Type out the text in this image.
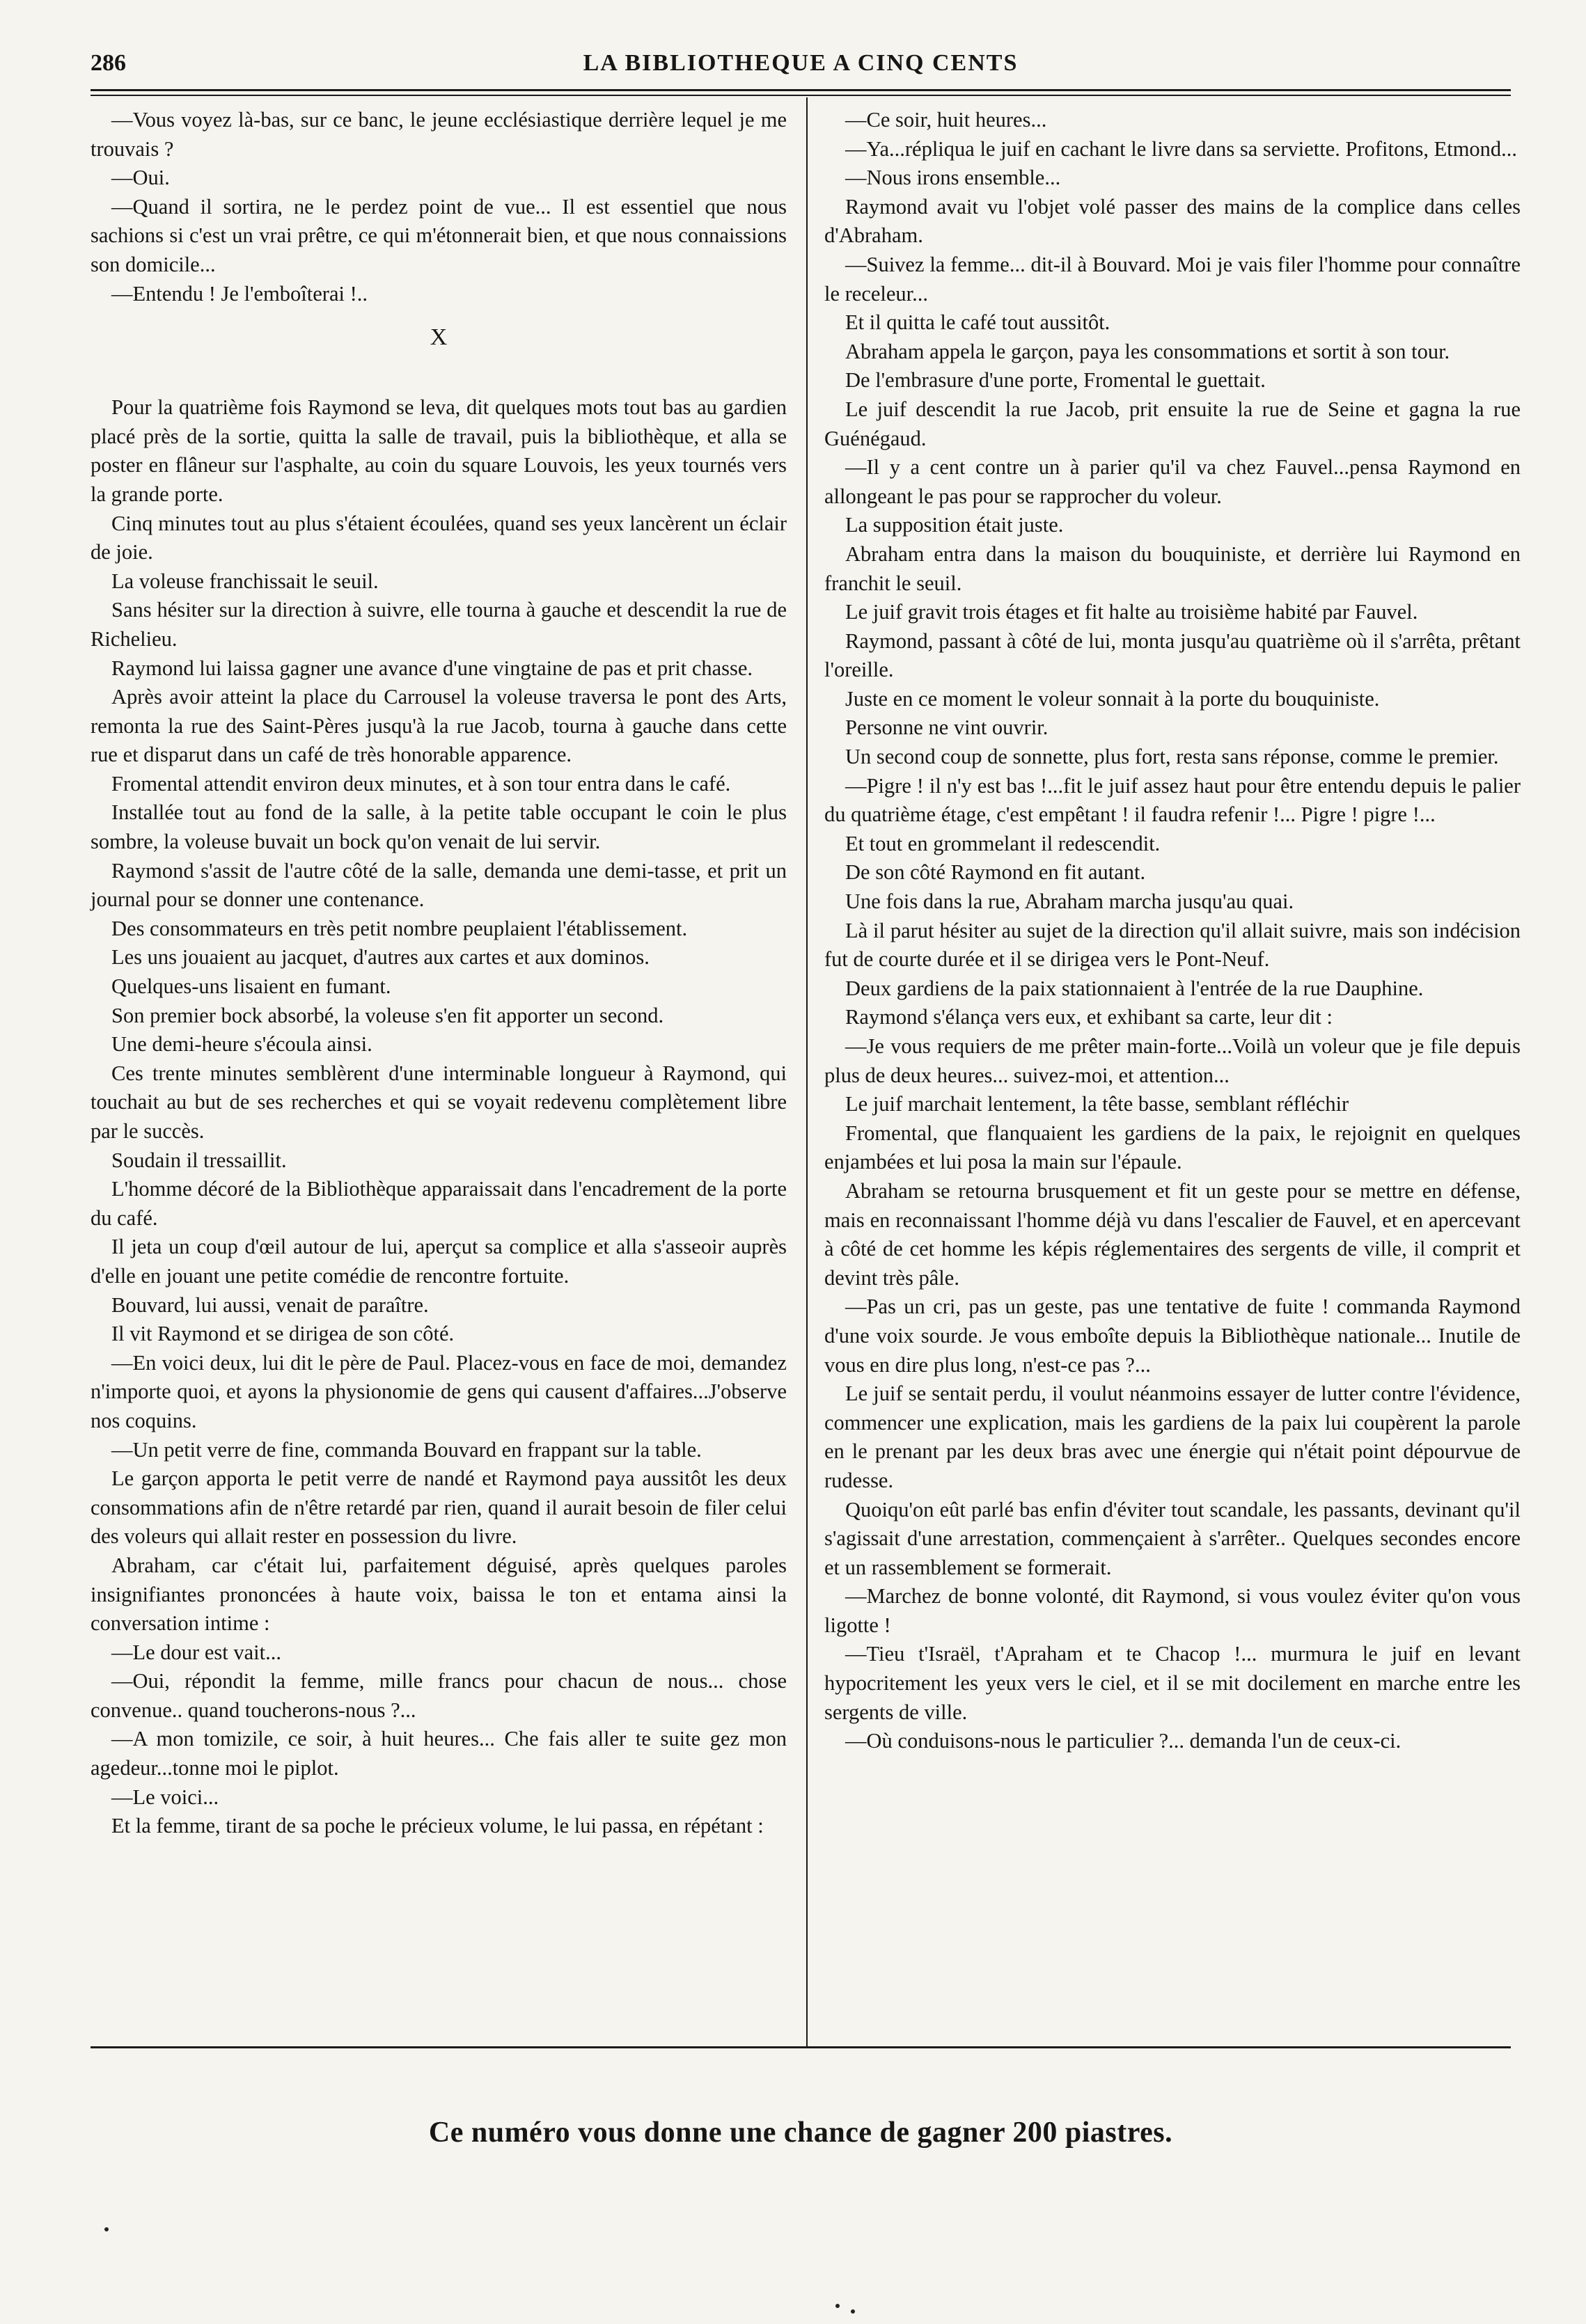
286	LA BIBLIOTHEQUE A CINQ CENTS

—Vous voyez là-bas, sur ce banc, le jeune ecclésiastique derrière lequel je me trouvais ?

—Oui.

—Quand il sortira, ne le perdez point de vue... Il est essentiel que nous sachions si c'est un vrai prêtre, ce qui m'étonnerait bien, et que nous connaissions son domicile...

—Entendu ! Je l'emboîterai !..

X

Pour la quatrième fois Raymond se leva, dit quelques mots tout bas au gardien placé près de la sortie, quitta la salle de travail, puis la bibliothèque, et alla se poster en flâneur sur l'asphalte, au coin du square Louvois, les yeux tournés vers la grande porte.

Cinq minutes tout au plus s'étaient écoulées, quand ses yeux lancèrent un éclair de joie.

La voleuse franchissait le seuil.

Sans hésiter sur la direction à suivre, elle tourna à gauche et descendit la rue de Richelieu.

Raymond lui laissa gagner une avance d'une vingtaine de pas et prit chasse.

Après avoir atteint la place du Carrousel la voleuse traversa le pont des Arts, remonta la rue des Saint-Pères jusqu'à la rue Jacob, tourna à gauche dans cette rue et disparut dans un café de très honorable apparence.

Fromental attendit environ deux minutes, et à son tour entra dans le café.

Installée tout au fond de la salle, à la petite table occupant le coin le plus sombre, la voleuse buvait un bock qu'on venait de lui servir.

Raymond s'assit de l'autre côté de la salle, demanda une demi-tasse, et prit un journal pour se donner une contenance.

Des consommateurs en très petit nombre peuplaient l'établissement.

Les uns jouaient au jacquet, d'autres aux cartes et aux dominos.

Quelques-uns lisaient en fumant.

Son premier bock absorbé, la voleuse s'en fit apporter un second.

Une demi-heure s'écoula ainsi.

Ces trente minutes semblèrent d'une interminable longueur à Raymond, qui touchait au but de ses recherches et qui se voyait redevenu complètement libre par le succès.

Soudain il tressaillit.

L'homme décoré de la Bibliothèque apparaissait dans l'encadrement de la porte du café.

Il jeta un coup d'œil autour de lui, aperçut sa complice et alla s'asseoir auprès d'elle en jouant une petite comédie de rencontre fortuite.

Bouvard, lui aussi, venait de paraître.

Il vit Raymond et se dirigea de son côté.

—En voici deux, lui dit le père de Paul. Placez-vous en face de moi, demandez n'importe quoi, et ayons la physionomie de gens qui causent d'affaires...J'observe nos coquins.

—Un petit verre de fine, commanda Bouvard en frappant sur la table.

Le garçon apporta le petit verre de nandé et Raymond paya aussitôt les deux consommations afin de n'être retardé par rien, quand il aurait besoin de filer celui des voleurs qui allait rester en possession du livre.

Abraham, car c'était lui, parfaitement déguisé, après quelques paroles insignifiantes prononcées à haute voix, baissa le ton et entama ainsi la conversation intime :

—Le dour est vait...

—Oui, répondit la femme, mille francs pour chacun de nous... chose convenue.. quand toucherons-nous ?...

—A mon tomizile, ce soir, à huit heures... Che fais aller te suite gez mon agedeur...tonne moi le piplot.

—Le voici...

Et la femme, tirant de sa poche le précieux volume, le lui passa, en répétant :

—Ce soir, huit heures...

—Ya...répliqua le juif en cachant le livre dans sa serviette. Profitons, Etmond...

—Nous irons ensemble...

Raymond avait vu l'objet volé passer des mains de la complice dans celles d'Abraham.

—Suivez la femme... dit-il à Bouvard. Moi je vais filer l'homme pour connaître le receleur...

Et il quitta le café tout aussitôt.

Abraham appela le garçon, paya les consommations et sortit à son tour.

De l'embrasure d'une porte, Fromental le guettait.

Le juif descendit la rue Jacob, prit ensuite la rue de Seine et gagna la rue Guénégaud.

—Il y a cent contre un à parier qu'il va chez Fauvel...pensa Raymond en allongeant le pas pour se rapprocher du voleur.

La supposition était juste.

Abraham entra dans la maison du bouquiniste, et derrière lui Raymond en franchit le seuil.

Le juif gravit trois étages et fit halte au troisième habité par Fauvel.

Raymond, passant à côté de lui, monta jusqu'au quatrième où il s'arrêta, prêtant l'oreille.

Juste en ce moment le voleur sonnait à la porte du bouquiniste.

Personne ne vint ouvrir.

Un second coup de sonnette, plus fort, resta sans réponse, comme le premier.

—Pigre ! il n'y est bas !...fit le juif assez haut pour être entendu depuis le palier du quatrième étage, c'est empêtant ! il faudra refenir !... Pigre ! pigre !...

Et tout en grommelant il redescendit.

De son côté Raymond en fit autant.

Une fois dans la rue, Abraham marcha jusqu'au quai.

Là il parut hésiter au sujet de la direction qu'il allait suivre, mais son indécision fut de courte durée et il se dirigea vers le Pont-Neuf.

Deux gardiens de la paix stationnaient à l'entrée de la rue Dauphine.

Raymond s'élança vers eux, et exhibant sa carte, leur dit :

—Je vous requiers de me prêter main-forte...Voilà un voleur que je file depuis plus de deux heures... suivez-moi, et attention...

Le juif marchait lentement, la tête basse, semblant réfléchir

Fromental, que flanquaient les gardiens de la paix, le rejoignit en quelques enjambées et lui posa la main sur l'épaule.

Abraham se retourna brusquement et fit un geste pour se mettre en défense, mais en reconnaissant l'homme déjà vu dans l'escalier de Fauvel, et en apercevant à côté de cet homme les képis réglementaires des sergents de ville, il comprit et devint très pâle.

—Pas un cri, pas un geste, pas une tentative de fuite ! commanda Raymond d'une voix sourde. Je vous emboîte depuis la Bibliothèque nationale... Inutile de vous en dire plus long, n'est-ce pas ?...

Le juif se sentait perdu, il voulut néanmoins essayer de lutter contre l'évidence, commencer une explication, mais les gardiens de la paix lui coupèrent la parole en le prenant par les deux bras avec une énergie qui n'était point dépourvue de rudesse.

Quoiqu'on eût parlé bas enfin d'éviter tout scandale, les passants, devinant qu'il s'agissait d'une arrestation, commençaient à s'arrêter.. Quelques secondes encore et un rassemblement se formerait.

—Marchez de bonne volonté, dit Raymond, si vous voulez éviter qu'on vous ligotte !

—Tieu t'Israël, t'Apraham et te Chacop !... murmura le juif en levant hypocritement les yeux vers le ciel, et il se mit docilement en marche entre les sergents de ville.

—Où conduisons-nous le particulier ?... demanda l'un de ceux-ci.

Ce numéro vous donne une chance de gagner 200 piastres.
